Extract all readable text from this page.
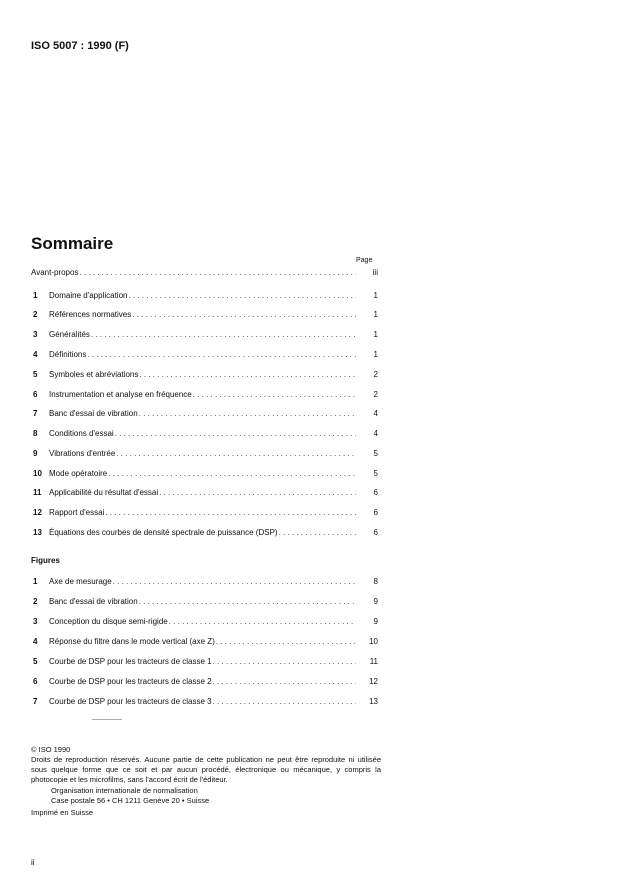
ISO 5007 : 1990 (F)
Sommaire
Page
Avant-propos . . .	iii
1	Domaine d'application . . .	1
2	Références normatives . . .	1
3	Généralités . . .	1
4	Définitions . . .	1
5	Symboles et abréviations . . .	2
6	Instrumentation et analyse en fréquence . . .	2
7	Banc d'essai de vibration . . .	4
8	Conditions d'essai . . .	4
9	Vibrations d'entrée . . .	5
10 Mode opératoire . . .	5
11 Applicabilité du résultat d'essai . . .	6
12 Rapport d'essai . . .	6
13 Équations des courbes de densité spectrale de puissance (DSP) . . .	6
Figures
1	Axe de mesurage . . .	8
2	Banc d'essai de vibration . . .	9
3	Conception du disque semi-rigide . . .	9
4	Réponse du filtre dans le mode vertical (axe Z) . . .	10
5	Courbe de DSP pour les tracteurs de classe 1 . . .	11
6	Courbe de DSP pour les tracteurs de classe 2 . . .	12
7	Courbe de DSP pour les tracteurs de classe 3 . . .	13
© ISO 1990
Droits de reproduction réservés. Aucune partie de cette publication ne peut être reproduite ni utilisée sous quelque forme que ce soit et par aucun procédé, électronique ou mécanique, y compris la photocopie et les microfilms, sans l'accord écrit de l'éditeur.
Organisation internationale de normalisation
Case postale 56 • CH 1211 Genève 20 • Suisse
Imprimé en Suisse
ii
